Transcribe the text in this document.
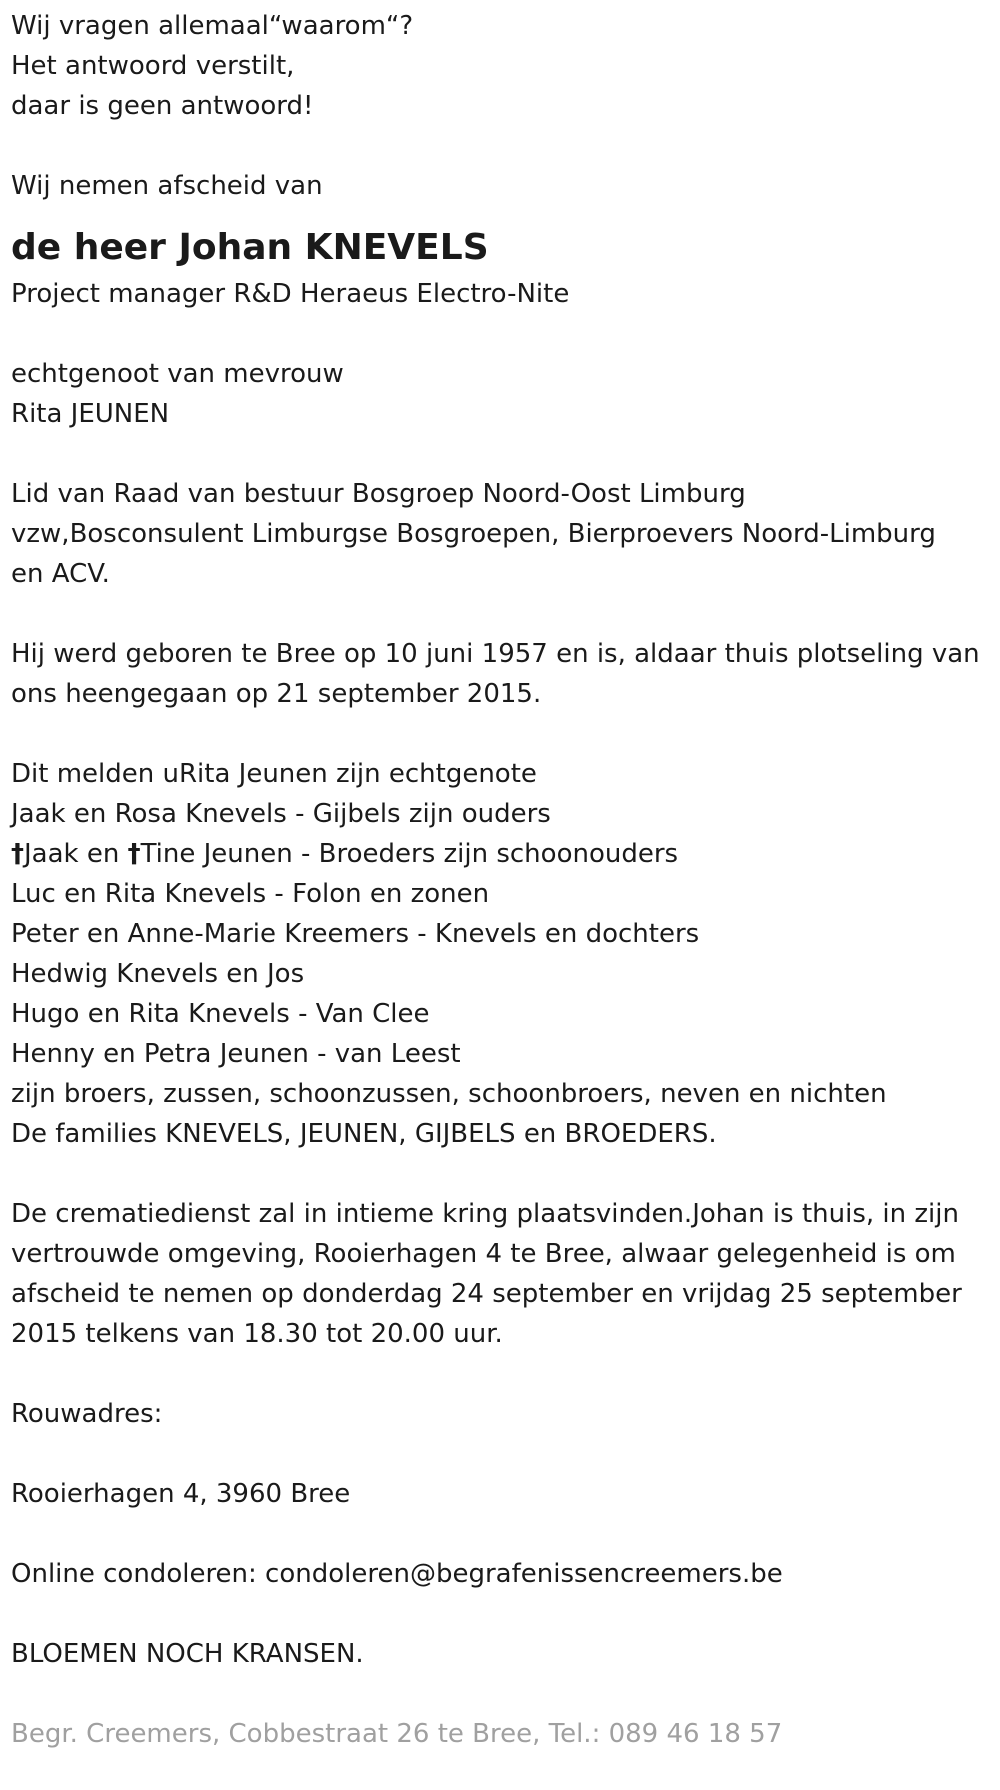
Wij vragen allemaal“waarom“?
Het antwoord verstilt,
daar is geen antwoord!
Wij nemen afscheid van
de heer Johan KNEVELS
Project manager R&D Heraeus Electro-Nite
echtgenoot van mevrouw
Rita JEUNEN
Lid van Raad van bestuur Bosgroep Noord-Oost Limburg
vzw,Bosconsulent Limburgse Bosgroepen, Bierproevers Noord-Limburg
en ACV.
Hij werd geboren te Bree op 10 juni 1957 en is, aldaar thuis plotseling van
ons heengegaan op 21 september 2015.
Dit melden uRita Jeunen zijn echtgenote
Jaak en Rosa Knevels - Gijbels zijn ouders
†Jaak en †Tine Jeunen - Broeders zijn schoonouders
Luc en Rita Knevels - Folon en zonen
Peter en Anne-Marie Kreemers - Knevels en dochters
Hedwig Knevels en Jos
Hugo en Rita Knevels - Van Clee
Henny en Petra Jeunen - van Leest
zijn broers, zussen, schoonzussen, schoonbroers, neven en nichten
De families KNEVELS, JEUNEN, GIJBELS en BROEDERS.
De crematiedienst zal in intieme kring plaatsvinden.Johan is thuis, in zijn
vertrouwde omgeving, Rooierhagen 4 te Bree, alwaar gelegenheid is om
afscheid te nemen op donderdag 24 september en vrijdag 25 september
2015 telkens van 18.30 tot 20.00 uur.
Rouwadres:
Rooierhagen 4, 3960 Bree
Online condoleren: condoleren@begrafenissencreemers.be
BLOEMEN NOCH KRANSEN.
Begr. Creemers, Cobbestraat 26 te Bree, Tel.: 089 46 18 57
